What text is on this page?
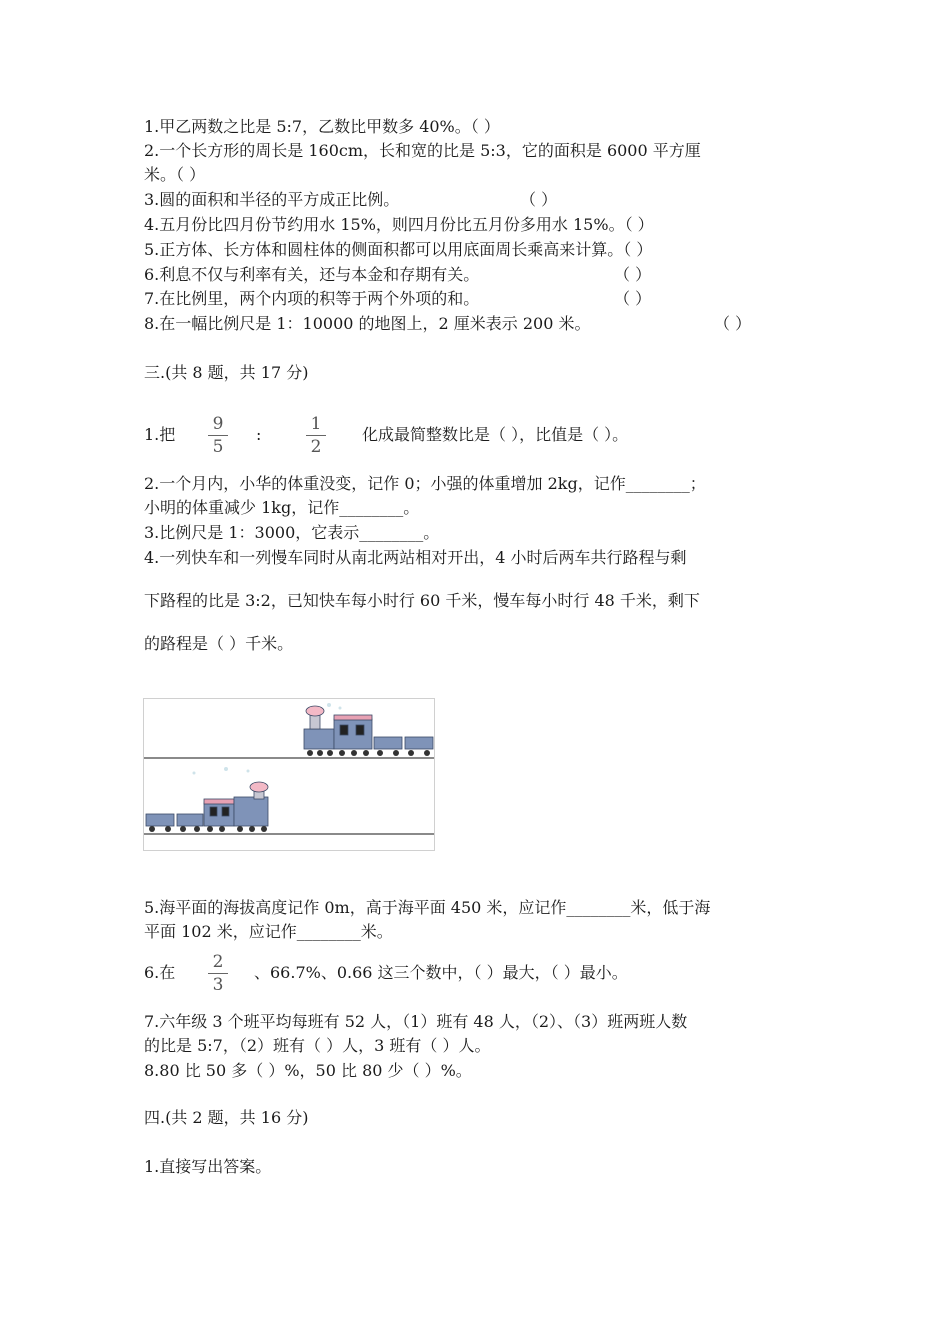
1.甲乙两数之比是 5:7，乙数比甲数多 40%。（ ）
2.一个长方形的周长是 160cm，长和宽的比是 5:3，它的面积是 6000 平方厘
米。（ ）
3.圆的面积和半径的平方成正比例。	（ ）
4.五月份比四月份节约用水 15%，则四月份比五月份多用水 15%。（ ）
5.正方体、长方体和圆柱体的侧面积都可以用底面周长乘高来计算。（ ）
6.利息不仅与利率有关，还与本金和存期有关。	（ ）
7.在比例里，两个内项的积等于两个外项的和。	（ ）
8.在一幅比例尺是 1：10000 的地图上，2 厘米表示 200 米。	（ ）
三.(共 8 题，共 17 分)
1.把
9
5
:
1
2
化成最简整数比是（ ），比值是（ ）。
2.一个月内，小华的体重没变，记作 0；小强的体重增加 2kg，记作________；
小明的体重减少 1kg，记作________。
3.比例尺是 1：3000，它表示________。
4.一列快车和一列慢车同时从南北两站相对开出，4 小时后两车共行路程与剩
下路程的比是 3:2，已知快车每小时行 60 千米，慢车每小时行 48 千米，剩下
的路程是（ ）千米。
5.海平面的海拔高度记作 0m，高于海平面 450 米，应记作________米，低于海
平面 102 米，应记作________米。
6.在
2
3
、66.7%、0.66 这三个数中，（ ）最大，（ ）最小。
7.六年级 3 个班平均每班有 52 人，（1）班有 48 人，（2）、（3）班两班人数
的比是 5:7，（2）班有（ ）人，3 班有（ ）人。
8.80 比 50 多（ ）%，50 比 80 少（ ）%。
四.(共 2 题，共 16 分)
1.直接写出答案。
